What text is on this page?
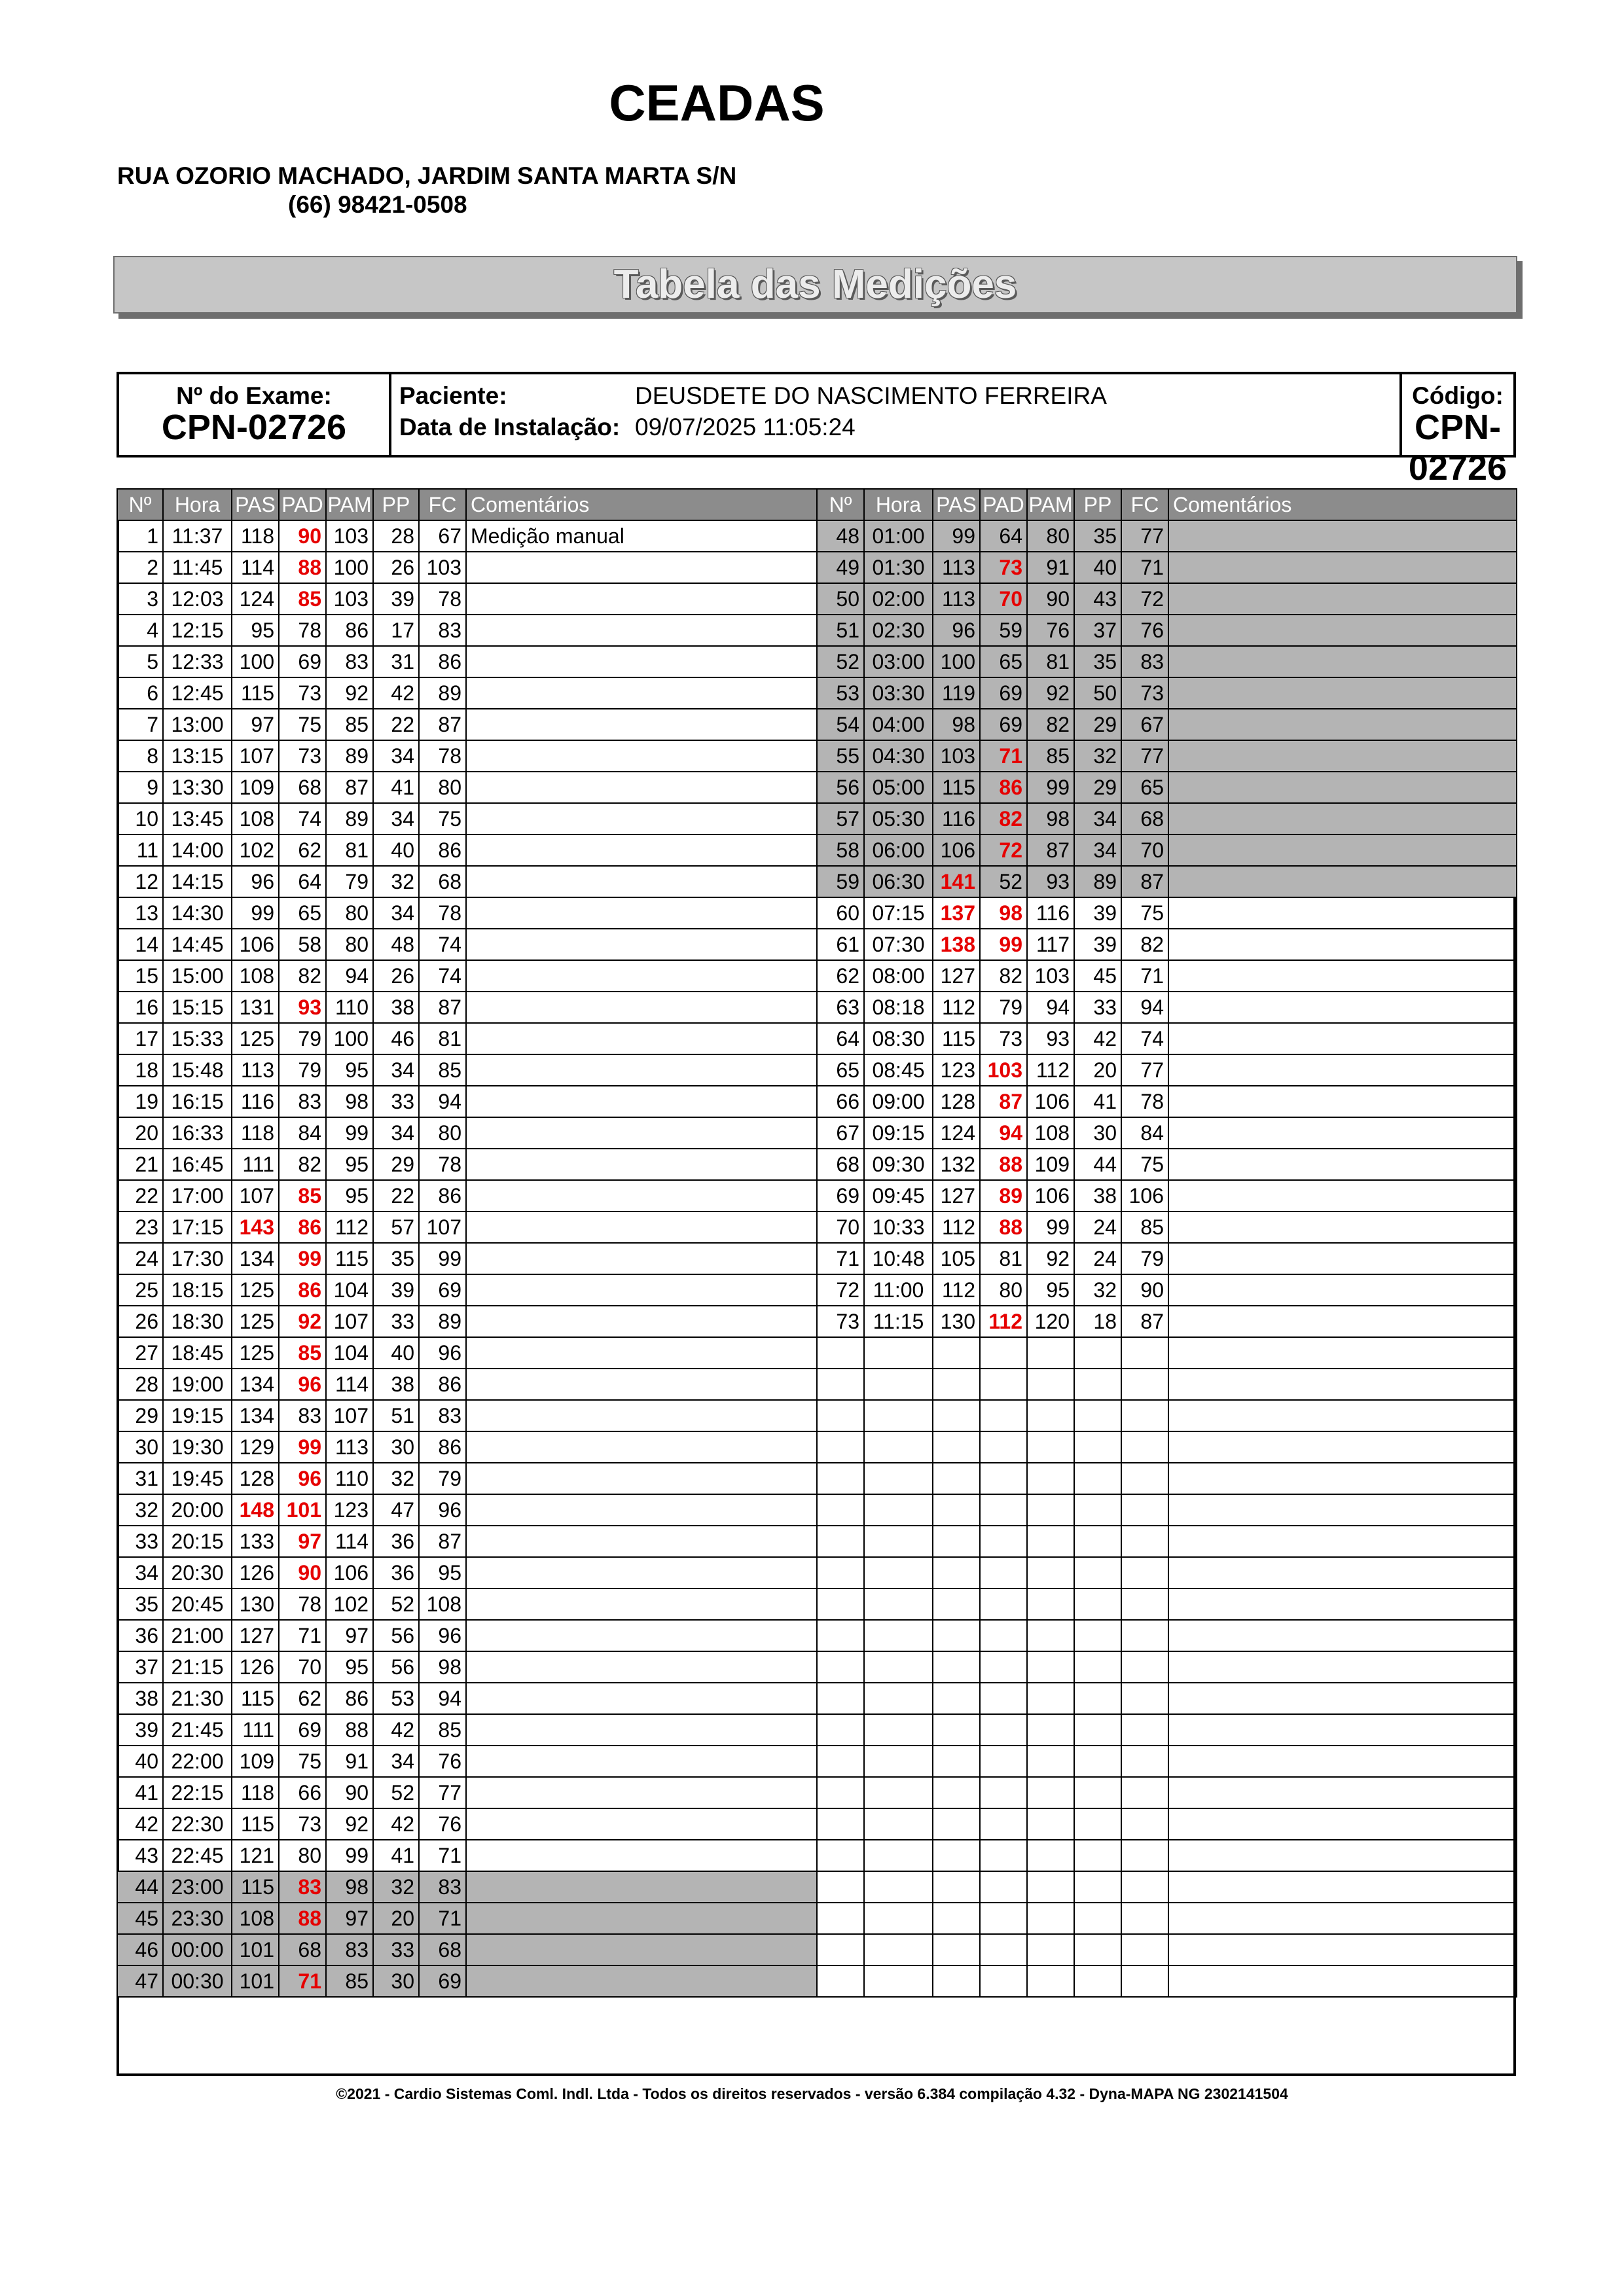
CEADAS
RUA OZORIO MACHADO, JARDIM SANTA MARTA S/N
(66) 98421-0508
Tabela das Medições
Nº do Exame:
CPN-02726
Paciente:	DEUSDETE DO NASCIMENTO FERREIRA
Data de Instalação: 09/07/2025 11:05:24
Código:
CPN-02726
Nº	Hora	PAS	PAD	PAM	PP	FC	Comentários
1	11:37	118	90	103	28	67	Medição manual
2	11:45	114	88	100	26	103	
3	12:03	124	85	103	39	78	
4	12:15	95	78	86	17	83	
5	12:33	100	69	83	31	86	
6	12:45	115	73	92	42	89	
7	13:00	97	75	85	22	87	
8	13:15	107	73	89	34	78	
9	13:30	109	68	87	41	80	
10	13:45	108	74	89	34	75	
11	14:00	102	62	81	40	86	
12	14:15	96	64	79	32	68	
13	14:30	99	65	80	34	78	
14	14:45	106	58	80	48	74	
15	15:00	108	82	94	26	74	
16	15:15	131	93	110	38	87	
17	15:33	125	79	100	46	81	
18	15:48	113	79	95	34	85	
19	16:15	116	83	98	33	94	
20	16:33	118	84	99	34	80	
21	16:45	111	82	95	29	78	
22	17:00	107	85	95	22	86	
23	17:15	143	86	112	57	107	
24	17:30	134	99	115	35	99	
25	18:15	125	86	104	39	69	
26	18:30	125	92	107	33	89	
27	18:45	125	85	104	40	96	
28	19:00	134	96	114	38	86	
29	19:15	134	83	107	51	83	
30	19:30	129	99	113	30	86	
31	19:45	128	96	110	32	79	
32	20:00	148	101	123	47	96	
33	20:15	133	97	114	36	87	
34	20:30	126	90	106	36	95	
35	20:45	130	78	102	52	108	
36	21:00	127	71	97	56	96	
37	21:15	126	70	95	56	98	
38	21:30	115	62	86	53	94	
39	21:45	111	69	88	42	85	
40	22:00	109	75	91	34	76	
41	22:15	118	66	90	52	77	
42	22:30	115	73	92	42	76	
43	22:45	121	80	99	41	71	
44	23:00	115	83	98	32	83	
45	23:30	108	88	97	20	71	
46	00:00	101	68	83	33	68	
47	00:30	101	71	85	30	69	
Nº	Hora	PAS	PAD	PAM	PP	FC	Comentários
48	01:00	99	64	80	35	77	
49	01:30	113	73	91	40	71	
50	02:00	113	70	90	43	72	
51	02:30	96	59	76	37	76	
52	03:00	100	65	81	35	83	
53	03:30	119	69	92	50	73	
54	04:00	98	69	82	29	67	
55	04:30	103	71	85	32	77	
56	05:00	115	86	99	29	65	
57	05:30	116	82	98	34	68	
58	06:00	106	72	87	34	70	
59	06:30	141	52	93	89	87	
60	07:15	137	98	116	39	75	
61	07:30	138	99	117	39	82	
62	08:00	127	82	103	45	71	
63	08:18	112	79	94	33	94	
64	08:30	115	73	93	42	74	
65	08:45	123	103	112	20	77	
66	09:00	128	87	106	41	78	
67	09:15	124	94	108	30	84	
68	09:30	132	88	109	44	75	
69	09:45	127	89	106	38	106	
70	10:33	112	88	99	24	85	
71	10:48	105	81	92	24	79	
72	11:00	112	80	95	32	90	
73	11:15	130	112	120	18	87	

©2021 - Cardio Sistemas Coml. Indl. Ltda - Todos os direitos reservados - versão 6.384 compilação 4.32 - Dyna-MAPA NG 2302141504
